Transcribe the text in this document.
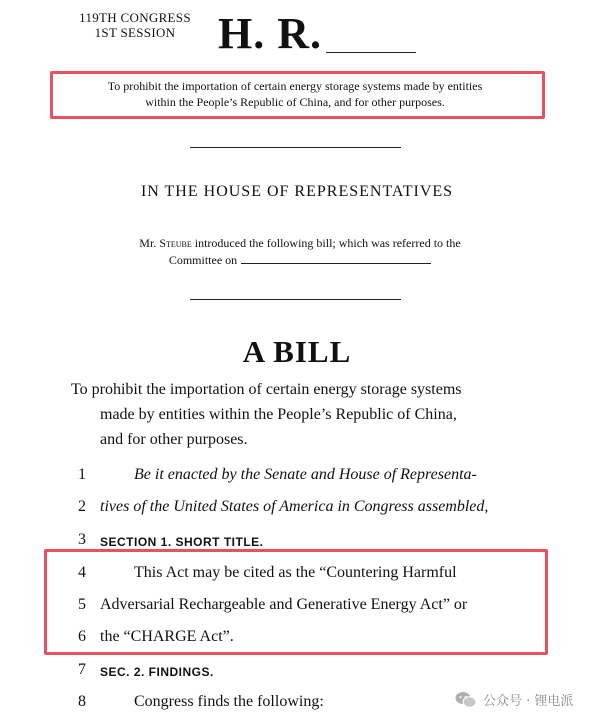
119TH CONGRESS
1ST SESSION H. R.
To prohibit the importation of certain energy storage systems made by entities
within the People’s Republic of China, and for other purposes.
IN THE HOUSE OF REPRESENTATIVES
Mr. Steube introduced the following bill; which was referred to the
Committee on
A BILL
To prohibit the importation of certain energy storage systems
made by entities within the People’s Republic of China,
and for other purposes.
1	Be it enacted by the Senate and House of Representa-
2 tives of the United States of America in Congress assembled,
3	SECTION 1. SHORT TITLE.
4	This Act may be cited as the “Countering Harmful
5 Adversarial Rechargeable and Generative Energy Act” or
6 the “CHARGE Act”.
7	SEC. 2. FINDINGS.
8	Congress finds the following:	公众号 · 锂电派
